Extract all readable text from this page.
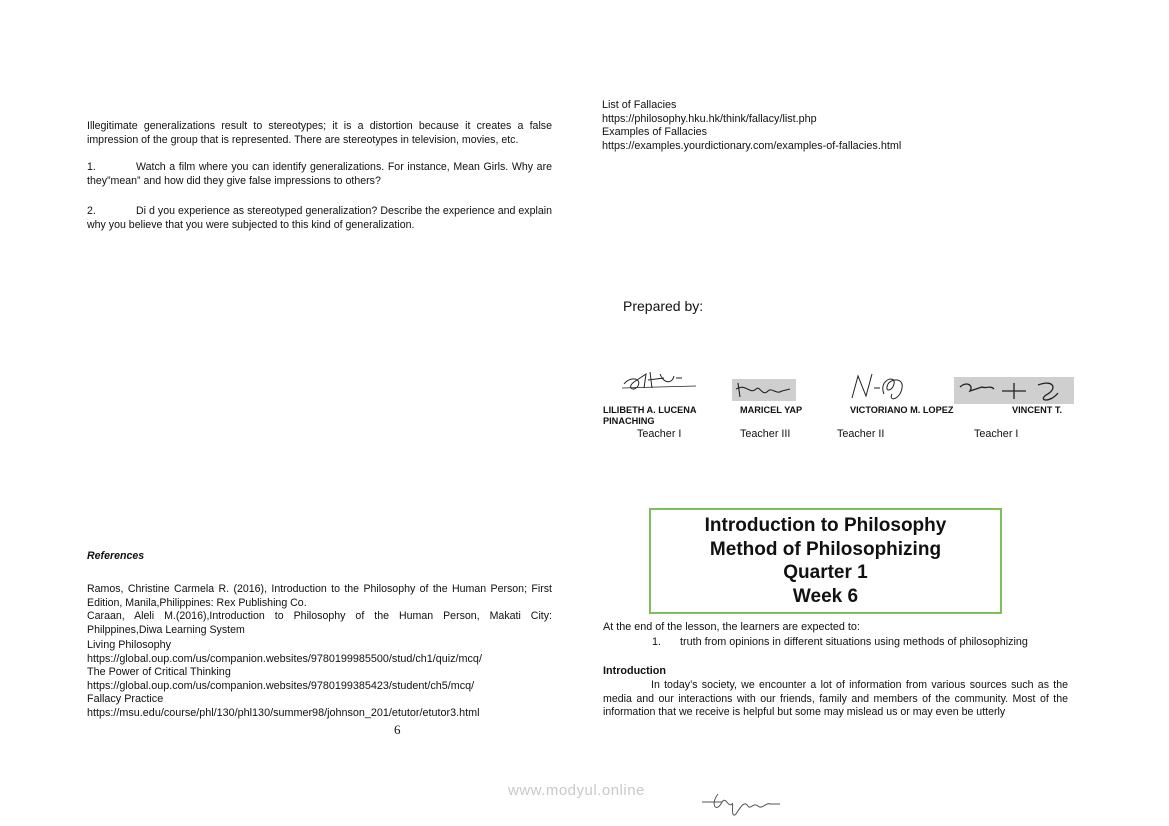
Illegitimate generalizations result to stereotypes; it is a distortion because it creates a false impression of the group that is represented. There are stereotypes in television, movies, etc.
1.	Watch a film where you can identify generalizations. For instance, Mean Girls. Why are they”mean” and how did they give false impressions to others?
2.	Di d you experience as stereotyped generalization? Describe the experience and explain why you believe that you were subjected to this kind of generalization.
References
Ramos, Christine Carmela R. (2016), Introduction to the Philosophy of the Human Person; First Edition, Manila,Philippines: Rex Publishing Co.
Caraan, Aleli M.(2016),Introduction to Philosophy of the Human Person, Makati City: Philppines,Diwa Learning System
Living Philosophy
https://global.oup.com/us/companion.websites/9780199985500/stud/ch1/quiz/mcq/
The Power of Critical Thinking
https://global.oup.com/us/companion.websites/9780199385423/student/ch5/mcq/
Fallacy Practice
https://msu.edu/course/phl/130/phl130/summer98/johnson_201/etutor/etutor3.html
6
List of Fallacies
https://philosophy.hku.hk/think/fallacy/list.php
Examples of Fallacies
https://examples.yourdictionary.com/examples-of-fallacies.html
Prepared by:
LILIBETH A. LUCENA	MARICEL YAP	VICTORIANO M. LOPEZ	VINCENT T.
PINACHING
Teacher I	Teacher III	Teacher II	Teacher I
Introduction to Philosophy
Method of Philosophizing
Quarter 1
Week 6
At the end of the lesson, the learners are expected to:
1. truth from opinions in different situations using methods of philosophizing
Introduction
In today’s society, we encounter a lot of information from various sources such as the media and our interactions with our friends, family and members of the community. Most of the information that we receive is helpful but some may mislead us or may even be utterly
www.modyul.online
